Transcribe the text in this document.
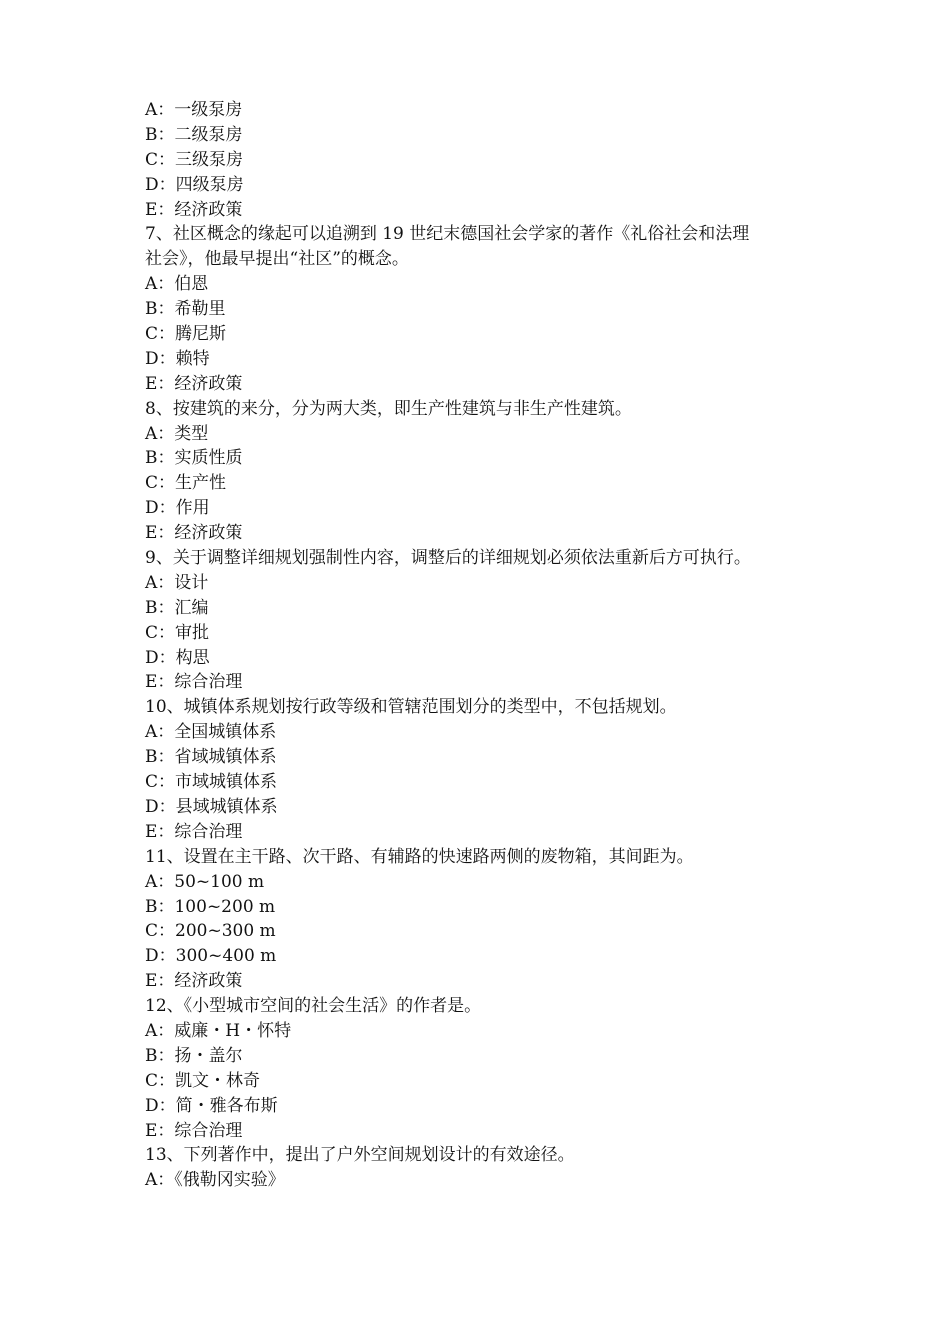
A：一级泵房
B：二级泵房
C：三级泵房
D：四级泵房
E：经济政策
7、社区概念的缘起可以追溯到 19 世纪末德国社会学家的著作《礼俗社会和法理
社会》，他最早提出“社区”的概念。
A：伯恩
B：希勒里
C：腾尼斯
D：赖特
E：经济政策
8、按建筑的来分，分为两大类，即生产性建筑与非生产性建筑。
A：类型
B：实质性质
C：生产性
D：作用
E：经济政策
9、关于调整详细规划强制性内容，调整后的详细规划必须依法重新后方可执行。
A：设计
B：汇编
C：审批
D：构思
E：综合治理
10、城镇体系规划按行政等级和管辖范围划分的类型中，不包括规划。
A：全国城镇体系
B：省域城镇体系
C：市域城镇体系
D：县域城镇体系
E：综合治理
11、设置在主干路、次干路、有辅路的快速路两侧的废物箱，其间距为。
A：50~100 m
B：100~200 m
C：200~300 m
D：300~400 m
E：经济政策
12、《小型城市空间的社会生活》的作者是。
A：威廉・H・怀特
B：扬・盖尔
C：凯文・林奇
D：简・雅各布斯
E：综合治理
13、下列著作中，提出了户外空间规划设计的有效途径。
A：《俄勒冈实验》
